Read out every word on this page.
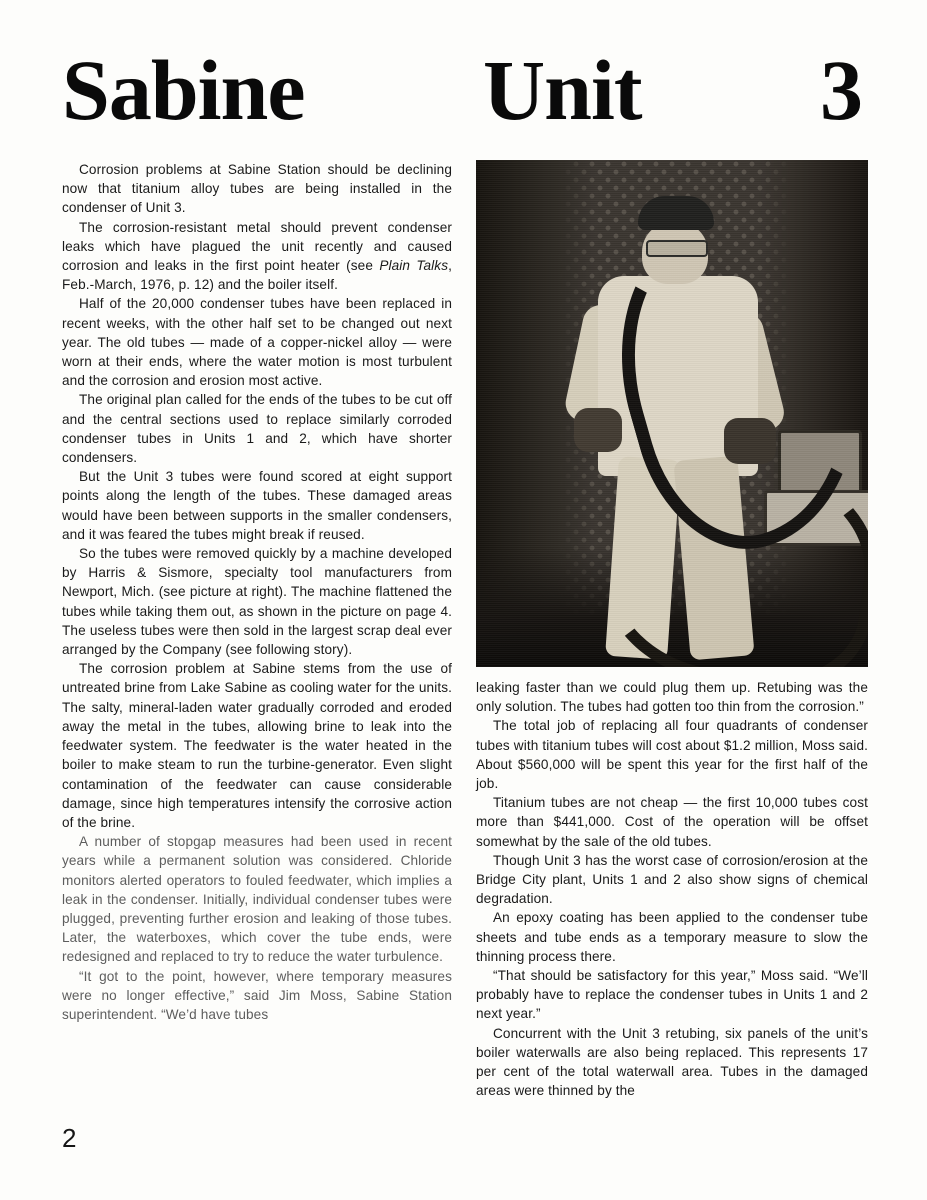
Sabine Unit 3

Corrosion problems at Sabine Station should be declining now that titanium alloy tubes are being installed in the condenser of Unit 3.

The corrosion-resistant metal should prevent condenser leaks which have plagued the unit recently and caused corrosion and leaks in the first point heater (see Plain Talks, Feb.-March, 1976, p. 12) and the boiler itself.

Half of the 20,000 condenser tubes have been replaced in recent weeks, with the other half set to be changed out next year. The old tubes — made of a copper-nickel alloy — were worn at their ends, where the water motion is most turbulent and the corrosion and erosion most active.

The original plan called for the ends of the tubes to be cut off and the central sections used to replace similarly corroded condenser tubes in Units 1 and 2, which have shorter condensers.

But the Unit 3 tubes were found scored at eight support points along the length of the tubes. These damaged areas would have been between supports in the smaller condensers, and it was feared the tubes might break if reused.

So the tubes were removed quickly by a machine developed by Harris & Sismore, specialty tool manufacturers from Newport, Mich. (see picture at right). The machine flattened the tubes while taking them out, as shown in the picture on page 4. The useless tubes were then sold in the largest scrap deal ever arranged by the Company (see following story).

The corrosion problem at Sabine stems from the use of untreated brine from Lake Sabine as cooling water for the units. The salty, mineral-laden water gradually corroded and eroded away the metal in the tubes, allowing brine to leak into the feedwater system. The feedwater is the water heated in the boiler to make steam to run the turbine-generator. Even slight contamination of the feedwater can cause considerable damage, since high temperatures intensify the corrosive action of the brine.

A number of stopgap measures had been used in recent years while a permanent solution was considered. Chloride monitors alerted operators to fouled feedwater, which implies a leak in the condenser. Initially, individual condenser tubes were plugged, preventing further erosion and leaking of those tubes. Later, the waterboxes, which cover the tube ends, were redesigned and replaced to try to reduce the water turbulence.

“It got to the point, however, where temporary measures were no longer effective,” said Jim Moss, Sabine Station superintendent. “We’d have tubes

leaking faster than we could plug them up. Retubing was the only solution. The tubes had gotten too thin from the corrosion.”

The total job of replacing all four quadrants of condenser tubes with titanium tubes will cost about $1.2 million, Moss said. About $560,000 will be spent this year for the first half of the job.

Titanium tubes are not cheap — the first 10,000 tubes cost more than $441,000. Cost of the operation will be offset somewhat by the sale of the old tubes.

Though Unit 3 has the worst case of corrosion/erosion at the Bridge City plant, Units 1 and 2 also show signs of chemical degradation.

An epoxy coating has been applied to the condenser tube sheets and tube ends as a temporary measure to slow the thinning process there.

“That should be satisfactory for this year,” Moss said. “We’ll probably have to replace the condenser tubes in Units 1 and 2 next year.”

Concurrent with the Unit 3 retubing, six panels of the unit’s boiler waterwalls are also being replaced. This represents 17 per cent of the total waterwall area. Tubes in the damaged areas were thinned by the

2
